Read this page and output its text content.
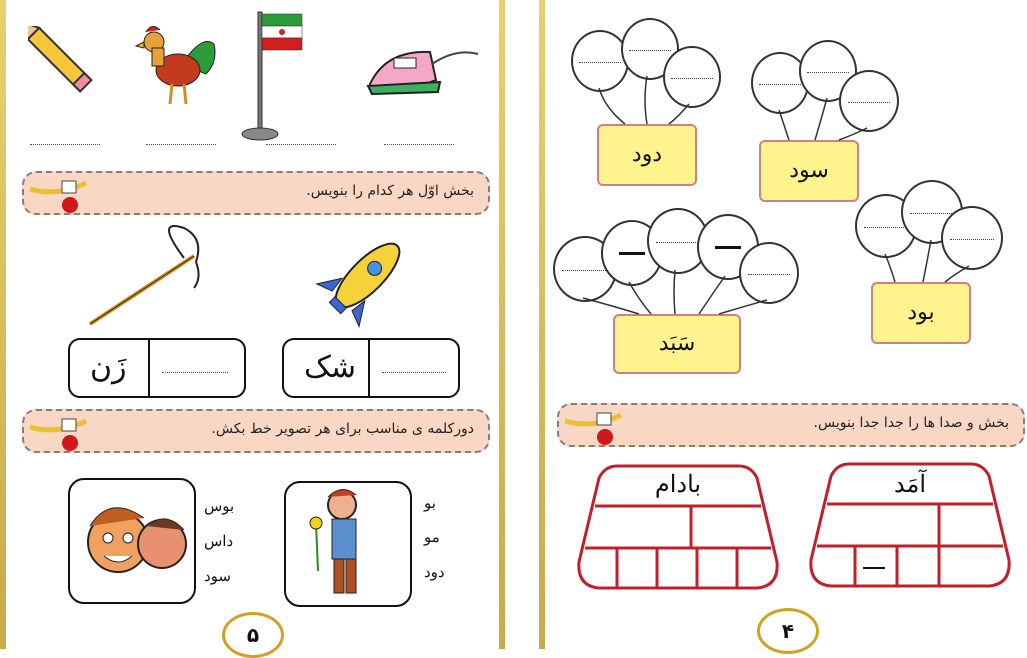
بخش اوّل هر کدام را بنویس.
زَن	شک
دورکلمه ی مناسب برای هر تصویر خط بکش.
بوس
داس
سود
بو
مو
دود
۵
دود
سود
سَبَد
بود
بخش و صدا ها را جدا جدا بنویس.
بادام	آمَد
۴
